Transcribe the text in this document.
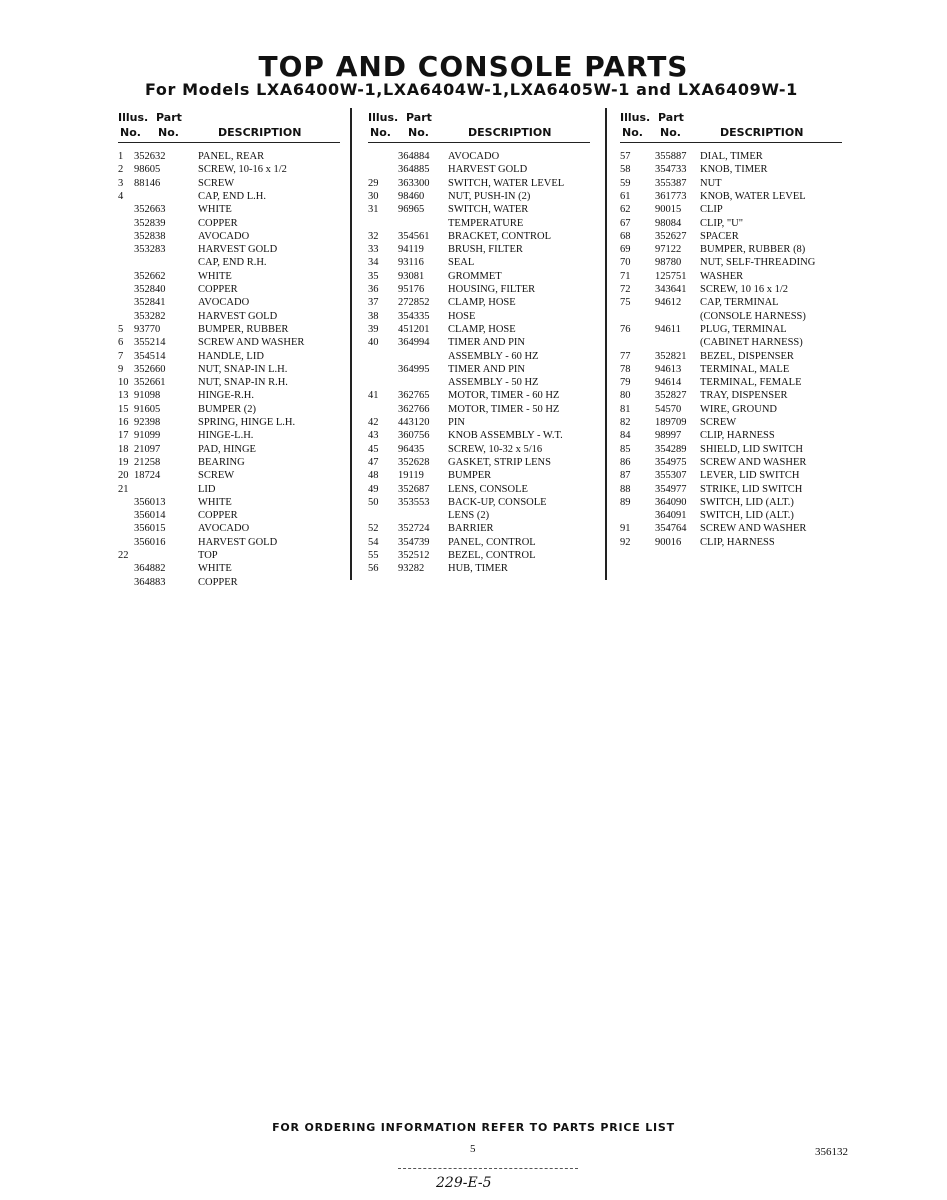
TOP AND CONSOLE PARTS
For Models LXA6400W-1,LXA6404W-1,LXA6405W-1 and LXA6409W-1
Illus. Part
No. No.	DESCRIPTION
1 352632	PANEL, REAR
2 98605	SCREW, 10-16 x 1/2
3 88146	SCREW
4	CAP, END L.H.
352663	WHITE
352839	COPPER
352838	AVOCADO
353283	HARVEST GOLD
CAP, END R.H.
352662	WHITE
352840	COPPER
352841	AVOCADO
353282	HARVEST GOLD
5 93770	BUMPER, RUBBER
6 355214	SCREW AND WASHER
7 354514	HANDLE, LID
9 352660	NUT, SNAP-IN L.H.
10 352661	NUT, SNAP-IN R.H.
13 91098	HINGE-R.H.
15 91605	BUMPER (2)
16 92398	SPRING, HINGE L.H.
17 91099	HINGE-L.H.
18 21097	PAD, HINGE
19 21258	BEARING
20 18724	SCREW
21	LID
356013	WHITE
356014	COPPER
356015	AVOCADO
356016	HARVEST GOLD
22	TOP
364882	WHITE
364883	COPPER
Illus. Part
No. No.	DESCRIPTION
364884 AVOCADO
364885 HARVEST GOLD
29 363300 SWITCH, WATER LEVEL
30 98460 NUT, PUSH-IN (2)
31 96965 SWITCH, WATER
TEMPERATURE
32 354561 BRACKET, CONTROL
33 94119 BRUSH, FILTER
34 93116 SEAL
35 93081 GROMMET
36 95176 HOUSING, FILTER
37 272852 CLAMP, HOSE
38 354335 HOSE
39 451201 CLAMP, HOSE
40 364994 TIMER AND PIN
ASSEMBLY - 60 HZ
364995 TIMER AND PIN
ASSEMBLY - 50 HZ
41 362765 MOTOR, TIMER - 60 HZ
362766 MOTOR, TIMER - 50 HZ
42 443120 PIN
43 360756 KNOB ASSEMBLY - W.T.
45 96435 SCREW, 10-32 x 5/16
47 352628 GASKET, STRIP LENS
48 19119 BUMPER
49 352687 LENS, CONSOLE
50 353553 BACK-UP, CONSOLE
LENS (2)
52 352724 BARRIER
54 354739 PANEL, CONTROL
55 352512 BEZEL, CONTROL
56 93282 HUB, TIMER
Illus. Part
No. No.	DESCRIPTION
57 355887 DIAL, TIMER
58 354733 KNOB, TIMER
59 355387 NUT
61 361773 KNOB, WATER LEVEL
62 90015 CLIP
67 98084 CLIP, "U"
68 352627 SPACER
69 97122 BUMPER, RUBBER (8)
70 98780 NUT, SELF-THREADING
71 125751 WASHER
72 343641 SCREW, 10 16 x 1/2
75 94612 CAP, TERMINAL
(CONSOLE HARNESS)
76 94611 PLUG, TERMINAL
(CABINET HARNESS)
77 352821 BEZEL, DISPENSER
78 94613 TERMINAL, MALE
79 94614 TERMINAL, FEMALE
80 352827 TRAY, DISPENSER
81 54570 WIRE, GROUND
82 189709 SCREW
84 98997 CLIP, HARNESS
85 354289 SHIELD, LID SWITCH
86 354975 SCREW AND WASHER
87 355307 LEVER, LID SWITCH
88 354977 STRIKE, LID SWITCH
89 364090 SWITCH, LID (ALT.)
364091 SWITCH, LID (ALT.)
91 354764 SCREW AND WASHER
92 90016 CLIP, HARNESS
FOR ORDERING INFORMATION REFER TO PARTS PRICE LIST
5	356132
229-E-5
